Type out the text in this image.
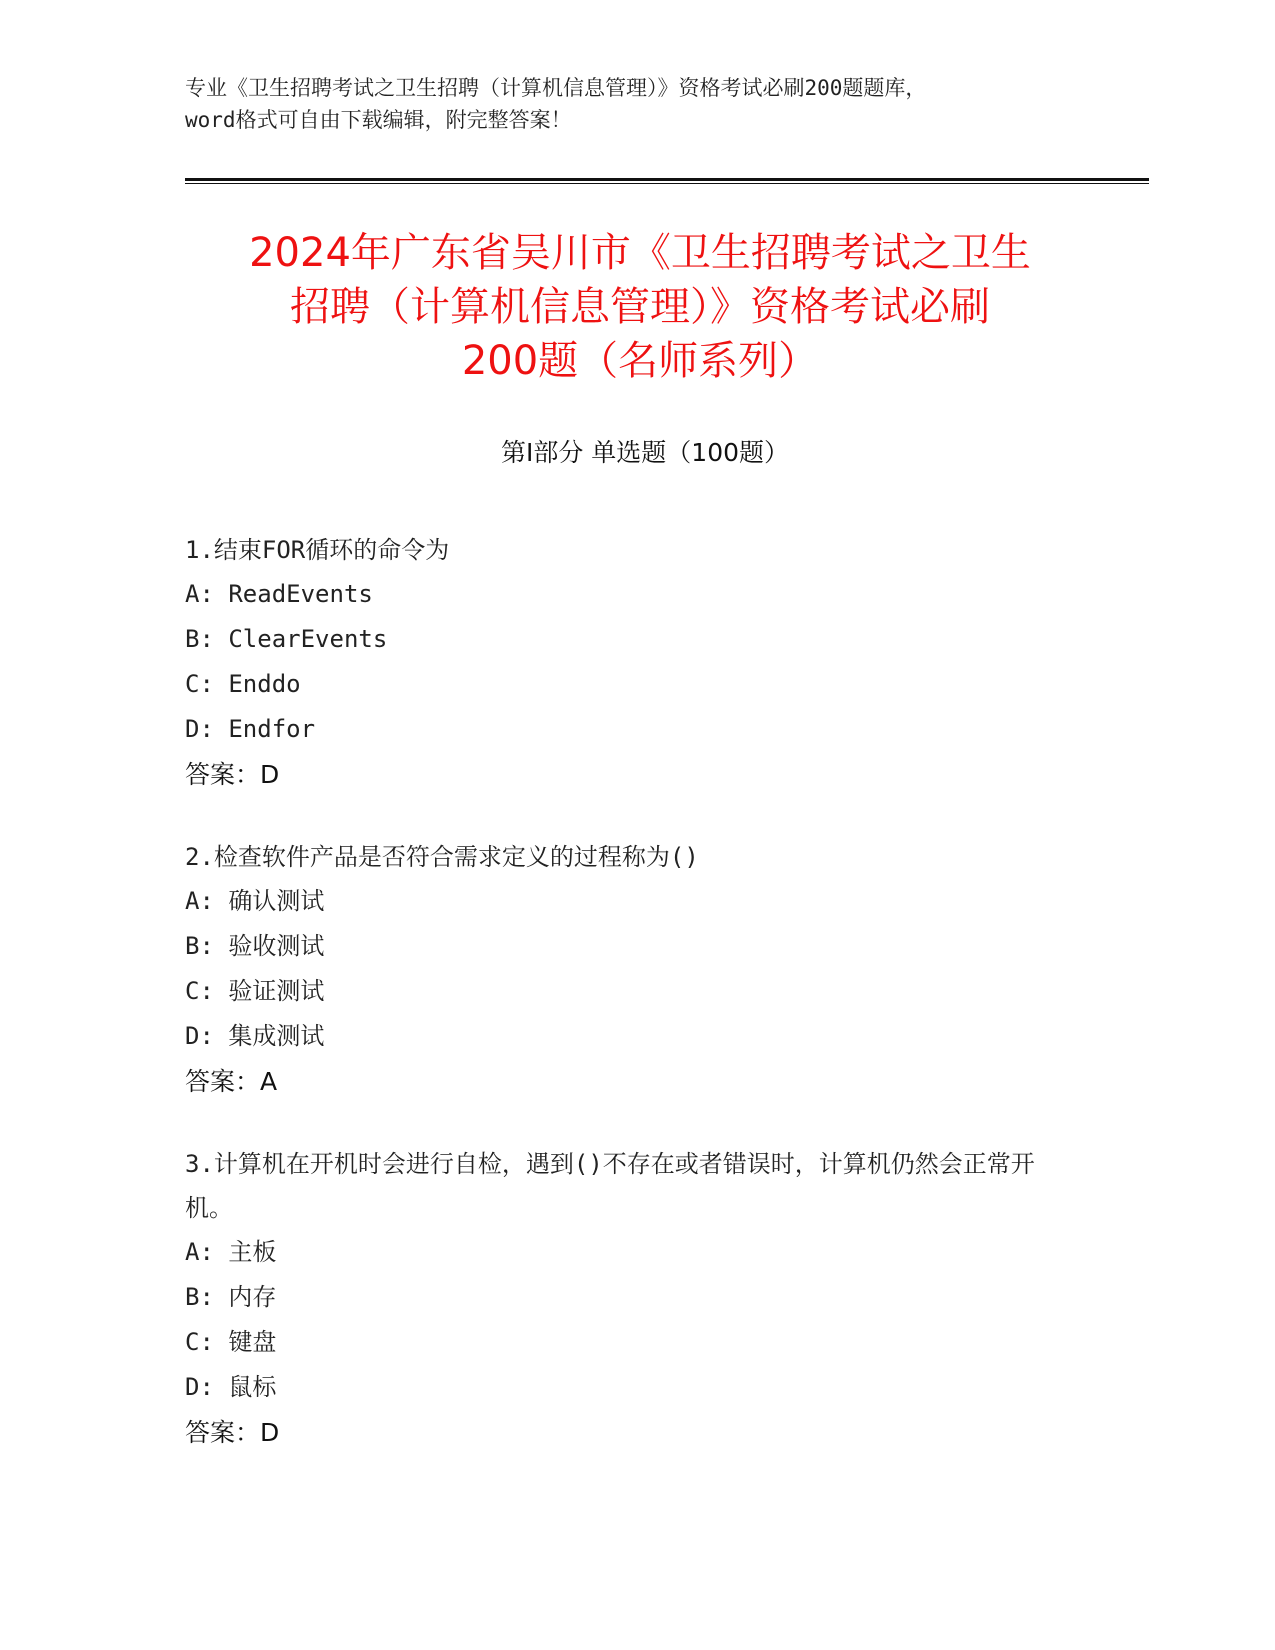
专业《卫生招聘考试之卫生招聘（计算机信息管理）》资格考试必刷200题题库，
word格式可自由下载编辑，附完整答案！
2024年广东省吴川市《卫生招聘考试之卫生
招聘（计算机信息管理）》资格考试必刷
200题（名师系列）
第Ⅰ部分 单选题（100题）
1.结束FOR循环的命令为
A: ReadEvents
B: ClearEvents
C: Enddo
D: Endfor
答案：D
2.检查软件产品是否符合需求定义的过程称为()
A: 确认测试
B: 验收测试
C: 验证测试
D: 集成测试
答案：A
3.计算机在开机时会进行自检，遇到()不存在或者错误时，计算机仍然会正常开机。
A: 主板
B: 内存
C: 键盘
D: 鼠标
答案：D
